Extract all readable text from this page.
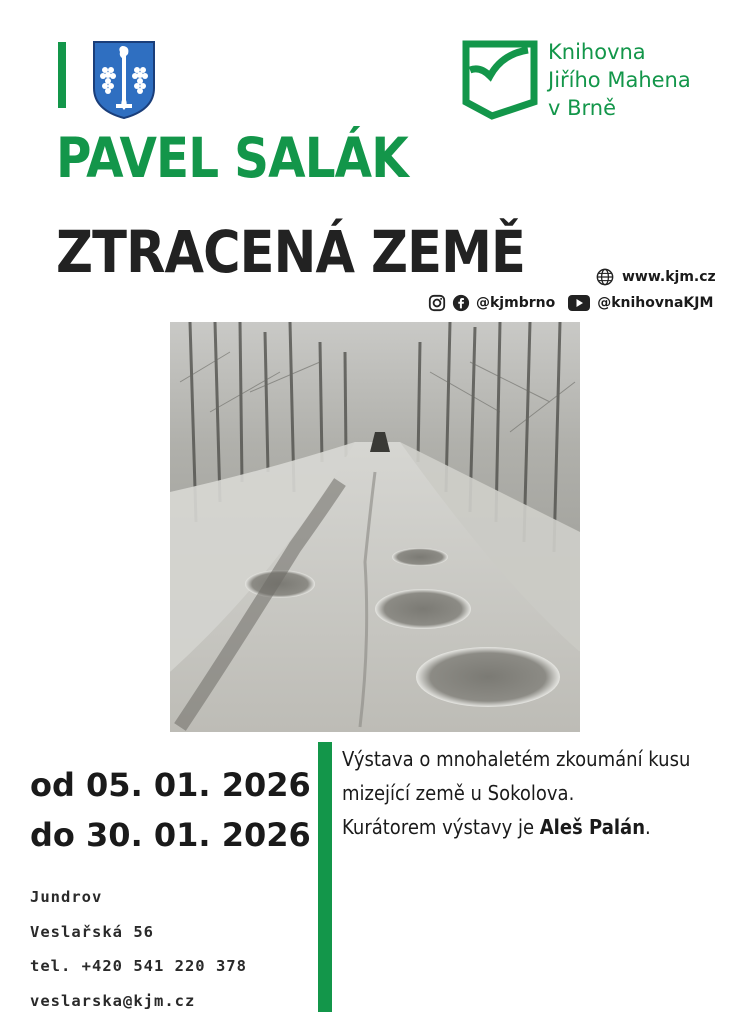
Knihovna
Jiřího Mahena
v Brně
PAVEL SALÁK
ZTRACENÁ ZEMĚ	www.kjm.cz
@kjmbrno	@knihovnaKJM
od 05. 01. 2026
do 30. 01. 2026
Výstava o mnohaletém zkoumání kusu
mizející země u Sokolova.
Kurátorem výstavy je Aleš Palán.
Jundrov
Veslařská 56
tel. +420 541 220 378
veslarska@kjm.cz
